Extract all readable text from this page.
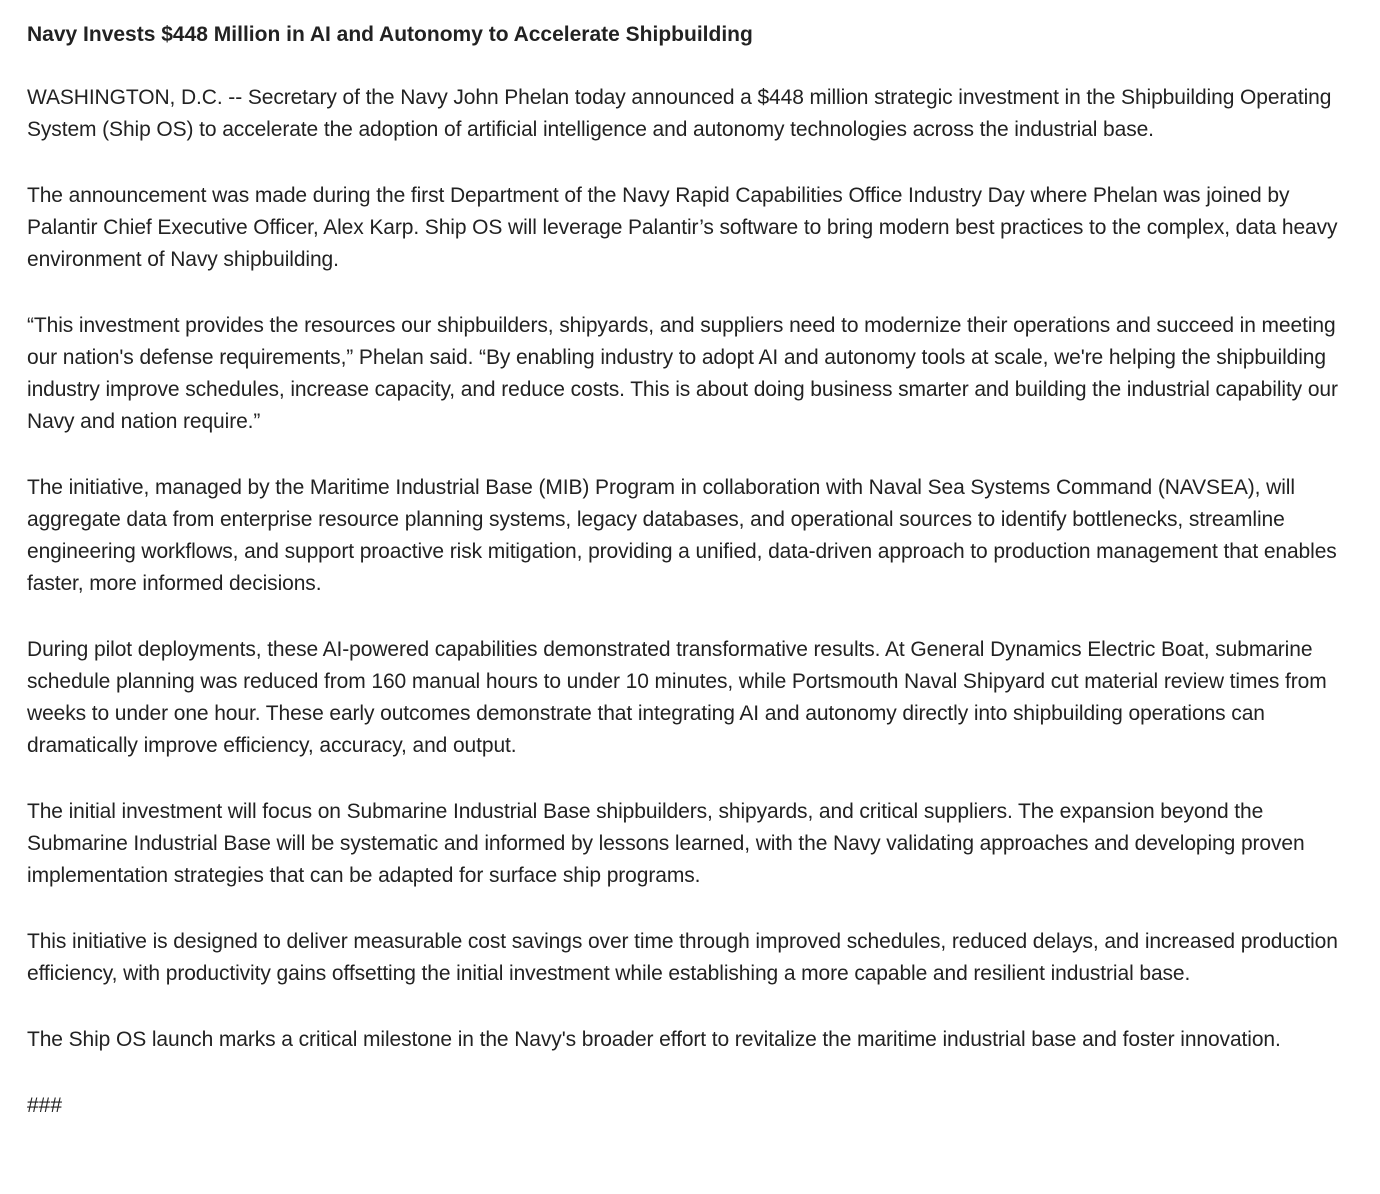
Navy Invests $448 Million in AI and Autonomy to Accelerate Shipbuilding

WASHINGTON, D.C. -- Secretary of the Navy John Phelan today announced a $448 million strategic investment in the Shipbuilding Operating System (Ship OS) to accelerate the adoption of artificial intelligence and autonomy technologies across the industrial base.

The announcement was made during the first Department of the Navy Rapid Capabilities Office Industry Day where Phelan was joined by Palantir Chief Executive Officer, Alex Karp. Ship OS will leverage Palantir’s software to bring modern best practices to the complex, data heavy environment of Navy shipbuilding.

“This investment provides the resources our shipbuilders, shipyards, and suppliers need to modernize their operations and succeed in meeting our nation's defense requirements,” Phelan said. “By enabling industry to adopt AI and autonomy tools at scale, we're helping the shipbuilding industry improve schedules, increase capacity, and reduce costs. This is about doing business smarter and building the industrial capability our Navy and nation require.”

The initiative, managed by the Maritime Industrial Base (MIB) Program in collaboration with Naval Sea Systems Command (NAVSEA), will aggregate data from enterprise resource planning systems, legacy databases, and operational sources to identify bottlenecks, streamline engineering workflows, and support proactive risk mitigation, providing a unified, data-driven approach to production management that enables faster, more informed decisions.

During pilot deployments, these AI-powered capabilities demonstrated transformative results. At General Dynamics Electric Boat, submarine schedule planning was reduced from 160 manual hours to under 10 minutes, while Portsmouth Naval Shipyard cut material review times from weeks to under one hour. These early outcomes demonstrate that integrating AI and autonomy directly into shipbuilding operations can dramatically improve efficiency, accuracy, and output.

The initial investment will focus on Submarine Industrial Base shipbuilders, shipyards, and critical suppliers. The expansion beyond the Submarine Industrial Base will be systematic and informed by lessons learned, with the Navy validating approaches and developing proven implementation strategies that can be adapted for surface ship programs.

This initiative is designed to deliver measurable cost savings over time through improved schedules, reduced delays, and increased production efficiency, with productivity gains offsetting the initial investment while establishing a more capable and resilient industrial base.

The Ship OS launch marks a critical milestone in the Navy's broader effort to revitalize the maritime industrial base and foster innovation.

###
